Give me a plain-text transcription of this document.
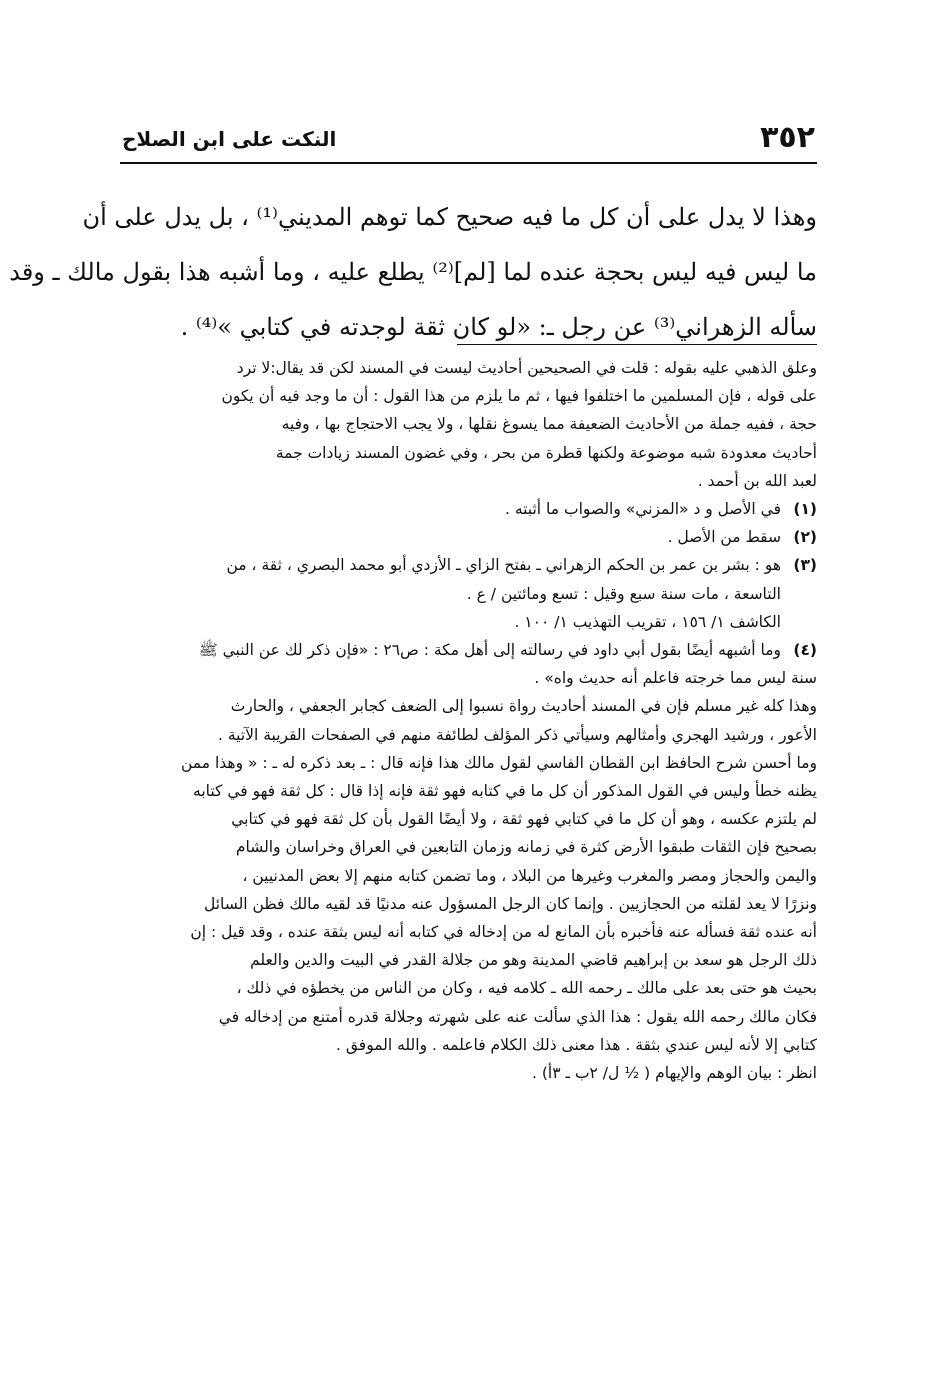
٣٥٢
النكت على ابن الصلاح
وهذا لا يدل على أن كل ما فيه صحيح كما توهم المديني⁽¹⁾ ، بل يدل على أن
ما ليس فيه ليس بحجة عنده لما [لم]⁽²⁾ يطلع عليه ، وما أشبه هذا بقول مالك ـ وقد
سأله الزهراني⁽³⁾ عن رجل ـ: «لو كان ثقة لوجدته في كتابي »⁽⁴⁾ .
وعلق الذهبي عليه بقوله : قلت في الصحيحين أحاديث ليست في المسند لكن قد يقال:لا ترد
على قوله ، فإن المسلمين ما اختلفوا فيها ، ثم ما يلزم من هذا القول : أن ما وجد فيه أن يكون
حجة ، ففيه جملة من الأحاديث الضعيفة مما يسوغ نقلها ، ولا يجب الاحتجاج بها ، وفيه
أحاديث معدودة شبه موضوعة ولكنها قطرة من بحر ، وفي غضون المسند زيادات جمة
لعبد الله بن أحمد .
(١)
في الأصل و د «المزني» والصواب ما أثبته .
(٢)
سقط من الأصل .
(٣)
هو : بشر بن عمر بن الحكم الزهراني ـ بفتح الزاي ـ الأزدي أبو محمد البصري ، ثقة ، من
التاسعة ، مات سنة سبع وقيل : تسع ومائتين / ع .
الكاشف ١/ ١٥٦ ، تقريب التهذيب ١/ ١٠٠ .
(٤)
وما أشبهه أيضًا بقول أبي داود في رسالته إلى أهل مكة : ص٢٦ : «فإن ذكر لك عن النبي ﷺ
سنة ليس مما خرجته فاعلم أنه حديث واه» .
وهذا كله غير مسلم فإن في المسند أحاديث رواة نسبوا إلى الضعف كجابر الجعفي ، والحارث
الأعور ، ورشيد الهجري وأمثالهم وسيأتي ذكر المؤلف لطائفة منهم في الصفحات القريبة الآتية .
وما أحسن شرح الحافظ ابن القطان الفاسي لقول مالك هذا فإنه قال : ـ بعد ذكره له ـ : « وهذا ممن
يظنه خطأ وليس في القول المذكور أن كل ما في كتابه فهو ثقة فإنه إذا قال : كل ثقة فهو في كتابه
لم يلتزم عكسه ، وهو أن كل ما في كتابي فهو ثقة ، ولا أيضًا القول بأن كل ثقة فهو في كتابي
بصحيح فإن الثقات طبقوا الأرض كثرة في زمانه وزمان التابعين في العراق وخراسان والشام
واليمن والحجاز ومصر والمغرب وغيرها من البلاد ، وما تضمن كتابه منهم إلا بعض المدنيين ،
ونزرًا لا يعد لقلته من الحجازيين . وإنما كان الرجل المسؤول عنه مدنيًا قد لقيه مالك فظن السائل
أنه عنده ثقة فسأله عنه فأخبره بأن المانع له من إدخاله في كتابه أنه ليس بثقة عنده ، وقد قيل : إن
ذلك الرجل هو سعد بن إبراهيم قاضي المدينة وهو من جلالة القدر في البيت والدين والعلم
بحيث هو حتى بعد على مالك ـ رحمه الله ـ كلامه فيه ، وكان من الناس من يخطؤه في ذلك ،
فكان مالك رحمه الله يقول : هذا الذي سألت عنه على شهرته وجلالة قدره أمتنع من إدخاله في
كتابي إلا لأنه ليس عندي بثقة . هذا معنى ذلك الكلام فاعلمه . والله الموفق .
انظر : بيان الوهم والإيهام ( ½ ل/ ٢ب ـ ٣أ) .
